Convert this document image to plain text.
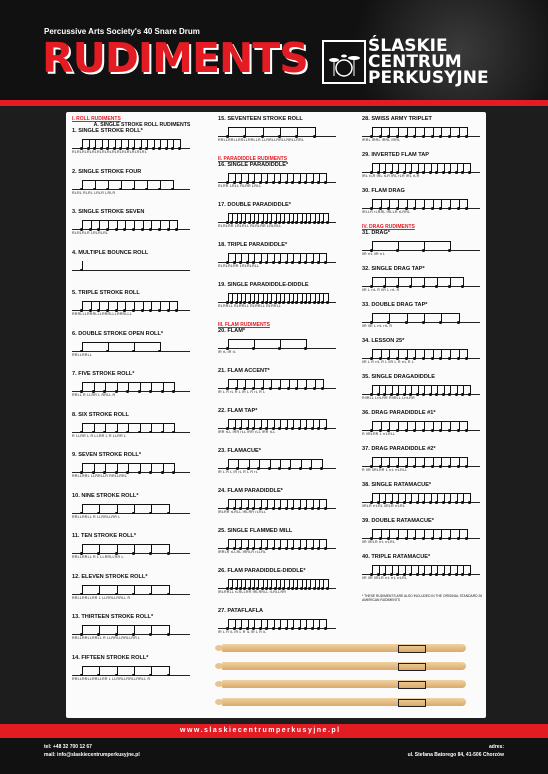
Percussive Arts Society's 40 Snare Drum
RUDIMENTS	ŚLASKIE
CENTRUM
PERKUSYJNE
I. ROLL RUDIMENTS
A. SINGLE STROKE ROLL RUDIMENTS
1. SINGLE STROKE ROLL*
RLRLRLRLRLRLRLRLRLRLRLRLRLRLRL
2. SINGLE STROKE FOUR
RLRL RLRL LRLR LRLR
3. SINGLE STROKE SEVEN
RLRLRLR LRLRLRL
4. MULTIPLE BOUNCE ROLL
5. TRIPLE STROKE ROLL
RRRLLLRRRLLLRRRLLLRRRLLL
6. DOUBLE STROKE OPEN ROLL*
RRLLRRLL
7. FIVE STROKE ROLL*
RRLL R LLRR L RRLL R
8. SIX STROKE ROLL
R LLRR L R LLRR L R LLRR L
9. SEVEN STROKE ROLL*
RRLLRRL LLRRLLR RRLLRRL
10. NINE STROKE ROLL*
RRLLRRLL R LLRRLLRR L
11. TEN STROKE ROLL*
RRLLRRLL R L LLRRLLRR L
12. ELEVEN STROKE ROLL*
RRLLRRLLRR L LLRRLLRRLL R
13. THIRTEEN STROKE ROLL*
RRLLRRLLRRLL R LLRRLLRRLLRR L
14. FIFTEEN STROKE ROLL*
RRLLRRLLRRLLRR L LLRRLLRRLLRRLL R
15. SEVENTEEN STROKE ROLL
RRLLRRLLRRLLRRLLR LLRRLLRRLLRRLLRRL
II. PARADIDDLE RUDIMENTS
16. SINGLE PARADIDDLE*
RLRR LRLL RLRR LRLL
17. DOUBLE PARADIDDLE*
RLRLRR LRLRLL RLRLRR LRLRLL
18. TRIPLE PARADIDDLE*
RLRLRLRR LRLRLRLL
19. SINGLE PARADIDDLE-DIDDLE
RLRRLL RLRRLL RLRRLL RLRRLL
III. FLAM RUDIMENTS
20. FLAM*
lR rL lR rL
21. FLAM ACCENT*
lR L R rL R L lR L R rL R L
22. FLAM TAP*
lRR rLL lRR rLL lRR rLL lRR rLL
23. FLAMACUE*
lR L R L lR rL R L R rL
24. FLAM PARADIDDLE*
lRLRR rLRLL lRLRR rLRLL
25. SINGLE FLAMMED MILL
lRRLR rLLRL lRRLR rLLRL
26. FLAM PARADIDDLE-DIDDLE*
lRLRRLL rLRLLRR lRLRRLL rLRLLRR
27. PATAFLAFLA
lR L R lL lR L R lL lR L R lL
28. SWISS ARMY TRIPLET
lRRL lRRL lRRL lRRL
29. INVERTED FLAM TAP
lRL rLR lRL rLR lRL rLR lRL rLR
30. FLAM DRAG
lRLLR rLRRL lRLLR rLRRL
IV. DRAG RUDIMENTS
31. DRAG*
llR rrL llR rrL
32. SINGLE DRAG TAP*
llR L rrL R llR L rrL R
33. DOUBLE DRAG TAP*
llR llR L rrL rrL R
34. LESSON 25*
llR L R rrL R L llR L R rrL R L
35. SINGLE DRAGADIDDLE
RllRLL LrrLRR RllRLL LrrLRR
36. DRAG PARADIDDLE #1*
R llRLRR L rrLRLL
37. DRAG PARADIDDLE #2*
R llR llRLRR L rrL rrLRLL
38. SINGLE RATAMACUE*
llRLR rrLRL llRLR rrLRL
39. DOUBLE RATAMACUE*
llR llRLR rrL rrLRL
40. TRIPLE RATAMACUE*
llR llR llRLR rrL rrL rrLRL
* THESE RUDIMENTS ARE ALSO INCLUDED IN THE ORIGINAL STANDARD 26 AMERICAN RUDIMENTS
www.slaskiecentrumperkusyjne.pl
tel: +48 32 700 12 67
mail: info@slaskiecentrumperkusyjne.pl
adres:
ul. Stefana Batorego 84, 41-506 Chorzów
